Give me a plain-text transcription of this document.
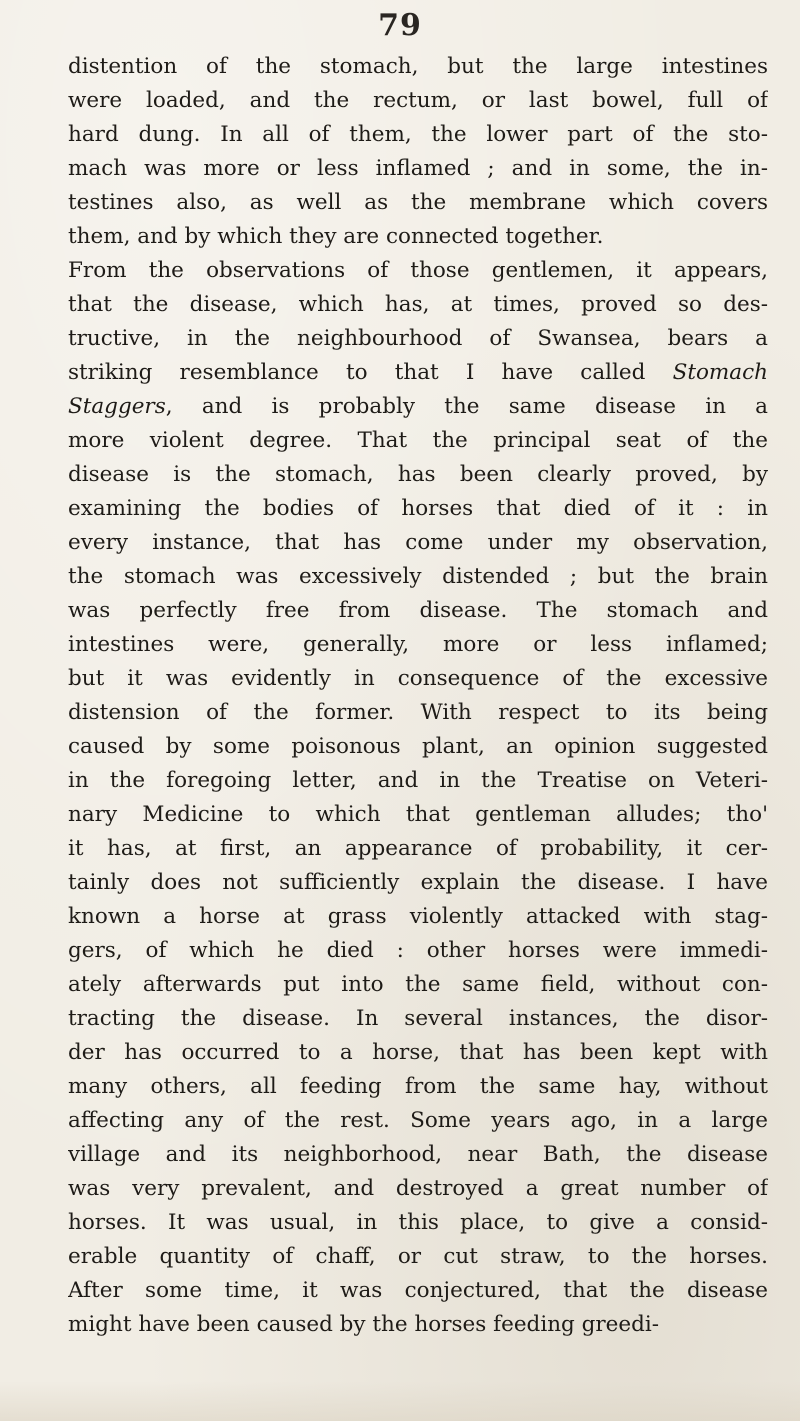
79
distention of the stomach, but the large intestines
were loaded, and the rectum, or last bowel, full of
hard dung. In all of them, the lower part of the sto-
mach was more or less inflamed ; and in some, the in-
testines also, as well as the membrane which covers
them, and by which they are connected together.
From the observations of those gentlemen, it appears,
that the disease, which has, at times, proved so des-
tructive, in the neighbourhood of Swansea, bears a
striking resemblance to that I have called Stomach
Staggers, and is probably the same disease in a
more violent degree. That the principal seat of the
disease is the stomach, has been clearly proved, by
examining the bodies of horses that died of it : in
every instance, that has come under my observation,
the stomach was excessively distended ; but the brain
was perfectly free from disease. The stomach and
intestines were, generally, more or less inflamed;
but it was evidently in consequence of the excessive
distension of the former. With respect to its being
caused by some poisonous plant, an opinion suggested
in the foregoing letter, and in the Treatise on Veteri-
nary Medicine to which that gentleman alludes; tho'
it has, at first, an appearance of probability, it cer-
tainly does not sufficiently explain the disease. I have
known a horse at grass violently attacked with stag-
gers, of which he died : other horses were immedi-
ately afterwards put into the same field, without con-
tracting the disease. In several instances, the disor-
der has occurred to a horse, that has been kept with
many others, all feeding from the same hay, without
affecting any of the rest. Some years ago, in a large
village and its neighborhood, near Bath, the disease
was very prevalent, and destroyed a great number of
horses. It was usual, in this place, to give a consid-
erable quantity of chaff, or cut straw, to the horses.
After some time, it was conjectured, that the disease
might have been caused by the horses feeding greedi-
